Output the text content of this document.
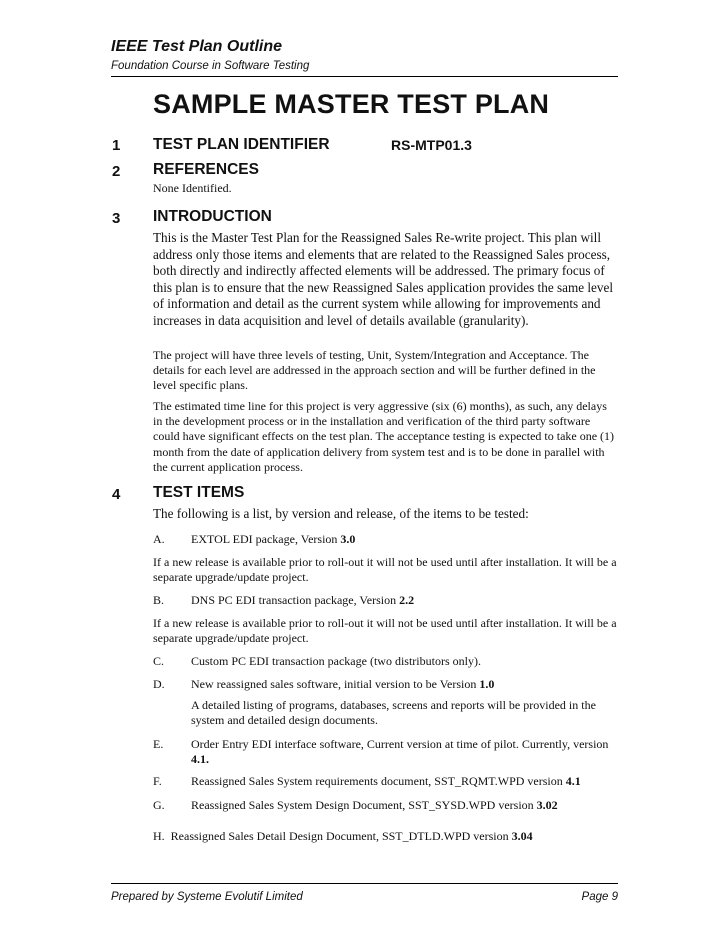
IEEE Test Plan Outline
Foundation Course in Software Testing
SAMPLE MASTER TEST PLAN
1 TEST PLAN IDENTIFIER	RS-MTP01.3
2 REFERENCES
None Identified.
3 INTRODUCTION
This is the Master Test Plan for the Reassigned Sales Re-write project. This plan will address only those items and elements that are related to the Reassigned Sales process, both directly and indirectly affected elements will be addressed. The primary focus of this plan is to ensure that the new Reassigned Sales application provides the same level of information and detail as the current system while allowing for improvements and increases in data acquisition and level of details available (granularity).
The project will have three levels of testing, Unit, System/Integration and Acceptance. The details for each level are addressed in the approach section and will be further defined in the level specific plans.
The estimated time line for this project is very aggressive (six (6) months), as such, any delays in the development process or in the installation and verification of the third party software could have significant effects on the test plan. The acceptance testing is expected to take one (1) month from the date of application delivery from system test and is to be done in parallel with the current application process.
4 TEST ITEMS
The following is a list, by version and release, of the items to be tested:
A. EXTOL EDI package, Version 3.0
If a new release is available prior to roll-out it will not be used until after installation. It will be a separate upgrade/update project.
B. DNS PC EDI transaction package, Version 2.2
If a new release is available prior to roll-out it will not be used until after installation. It will be a separate upgrade/update project.
C. Custom PC EDI transaction package (two distributors only).
D. New reassigned sales software, initial version to be Version 1.0
A detailed listing of programs, databases, screens and reports will be provided in the system and detailed design documents.
E. Order Entry EDI interface software, Current version at time of pilot. Currently, version 4.1.
F. Reassigned Sales System requirements document, SST_RQMT.WPD version 4.1
G. Reassigned Sales System Design Document, SST_SYSD.WPD version 3.02
H. Reassigned Sales Detail Design Document, SST_DTLD.WPD version 3.04
Prepared by Systeme Evolutif Limited	Page 9
